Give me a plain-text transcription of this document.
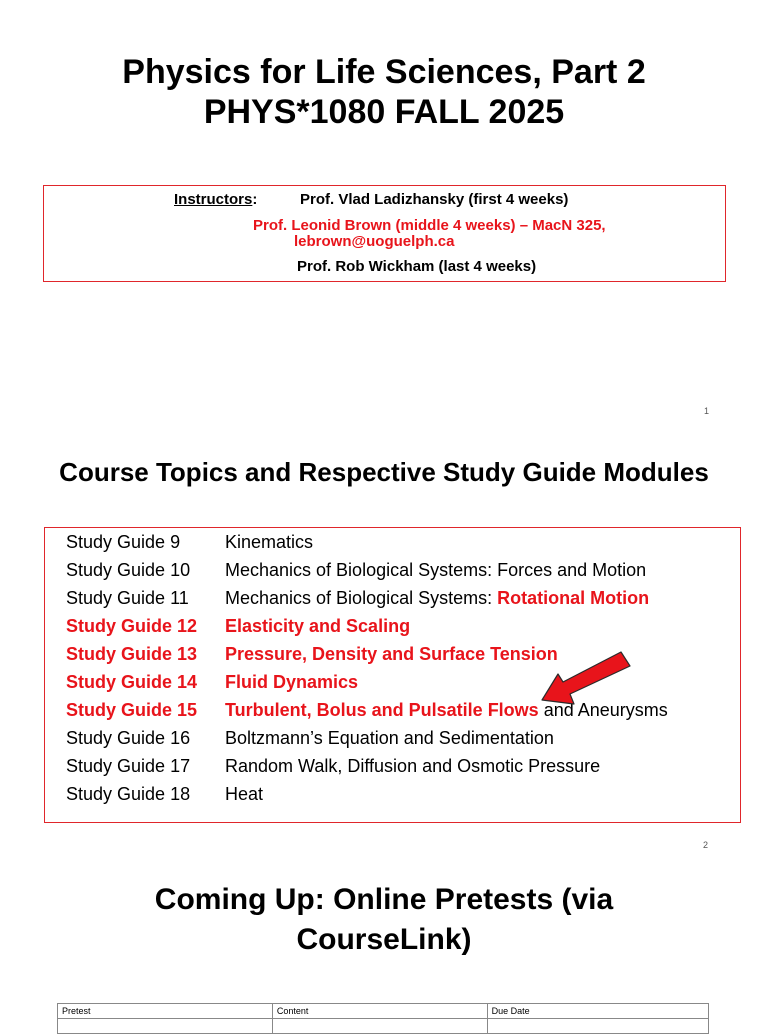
Physics for Life Sciences, Part 2
PHYS*1080 FALL 2025
Instructors:	Prof. Vlad Ladizhansky (first 4 weeks)
Prof. Leonid Brown (middle 4 weeks) – MacN 325,
lebrown@uoguelph.ca
Prof. Rob Wickham (last 4 weeks)
1
Course Topics and Respective Study Guide Modules
Study Guide 9 Kinematics
Study Guide 10 Mechanics of Biological Systems: Forces and Motion
Study Guide 11 Mechanics of Biological Systems: Rotational Motion
Study Guide 12 Elasticity and Scaling
Study Guide 13 Pressure, Density and Surface Tension
Study Guide 14 Fluid Dynamics
Study Guide 15 Turbulent, Bolus and Pulsatile Flows and Aneurysms
Study Guide 16 Boltzmann’s Equation and Sedimentation
Study Guide 17 Random Walk, Diffusion and Osmotic Pressure
Study Guide 18 Heat
2
Coming Up: Online Pretests (via
CourseLink)
Pretest	Content	Due Date
